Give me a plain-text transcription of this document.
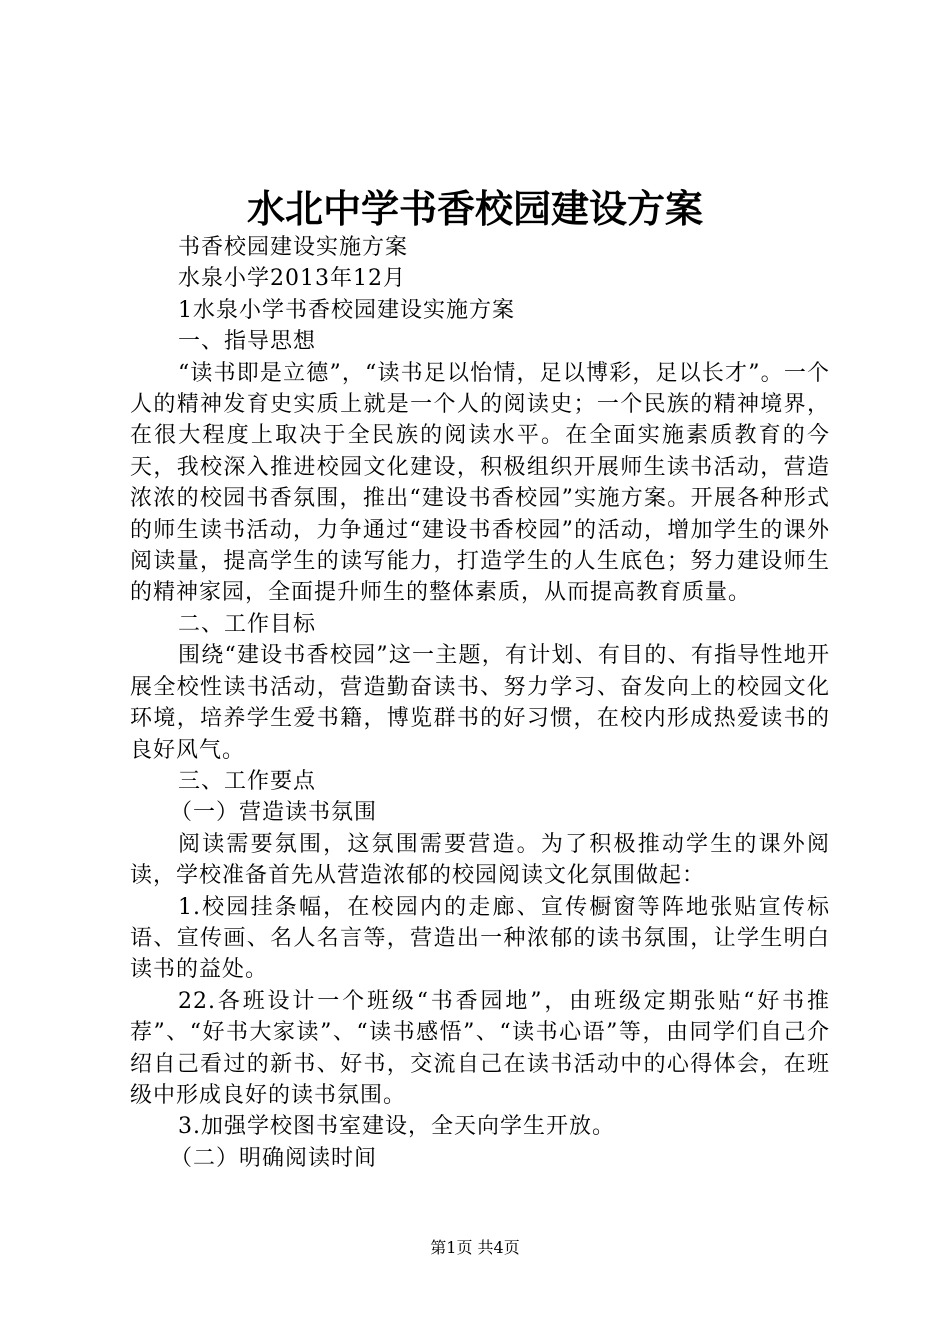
水北中学书香校园建设方案

书香校园建设实施方案

水泉小学2013年12月

1水泉小学书香校园建设实施方案

一、指导思想

“读书即是立德”，“读书足以怡情，足以博彩，足以长才”。一个人的精神发育史实质上就是一个人的阅读史；一个民族的精神境界，在很大程度上取决于全民族的阅读水平。在全面实施素质教育的今天，我校深入推进校园文化建设，积极组织开展师生读书活动，营造浓浓的校园书香氛围，推出“建设书香校园”实施方案。开展各种形式的师生读书活动，力争通过“建设书香校园”的活动，增加学生的课外阅读量，提高学生的读写能力，打造学生的人生底色；努力建设师生的精神家园，全面提升师生的整体素质，从而提高教育质量。

二、工作目标

围绕“建设书香校园”这一主题，有计划、有目的、有指导性地开展全校性读书活动，营造勤奋读书、努力学习、奋发向上的校园文化环境，培养学生爱书籍，博览群书的好习惯，在校内形成热爱读书的良好风气。

三、工作要点

（一）营造读书氛围

阅读需要氛围，这氛围需要营造。为了积极推动学生的课外阅读，学校准备首先从营造浓郁的校园阅读文化氛围做起：

1.校园挂条幅，在校园内的走廊、宣传橱窗等阵地张贴宣传标语、宣传画、名人名言等，营造出一种浓郁的读书氛围，让学生明白读书的益处。

22.各班设计一个班级“书香园地”，由班级定期张贴“好书推荐”、“好书大家读”、“读书感悟”、“读书心语”等，由同学们自己介绍自己看过的新书、好书，交流自己在读书活动中的心得体会，在班级中形成良好的读书氛围。

3.加强学校图书室建设，全天向学生开放。

（二）明确阅读时间

第1页 共4页
